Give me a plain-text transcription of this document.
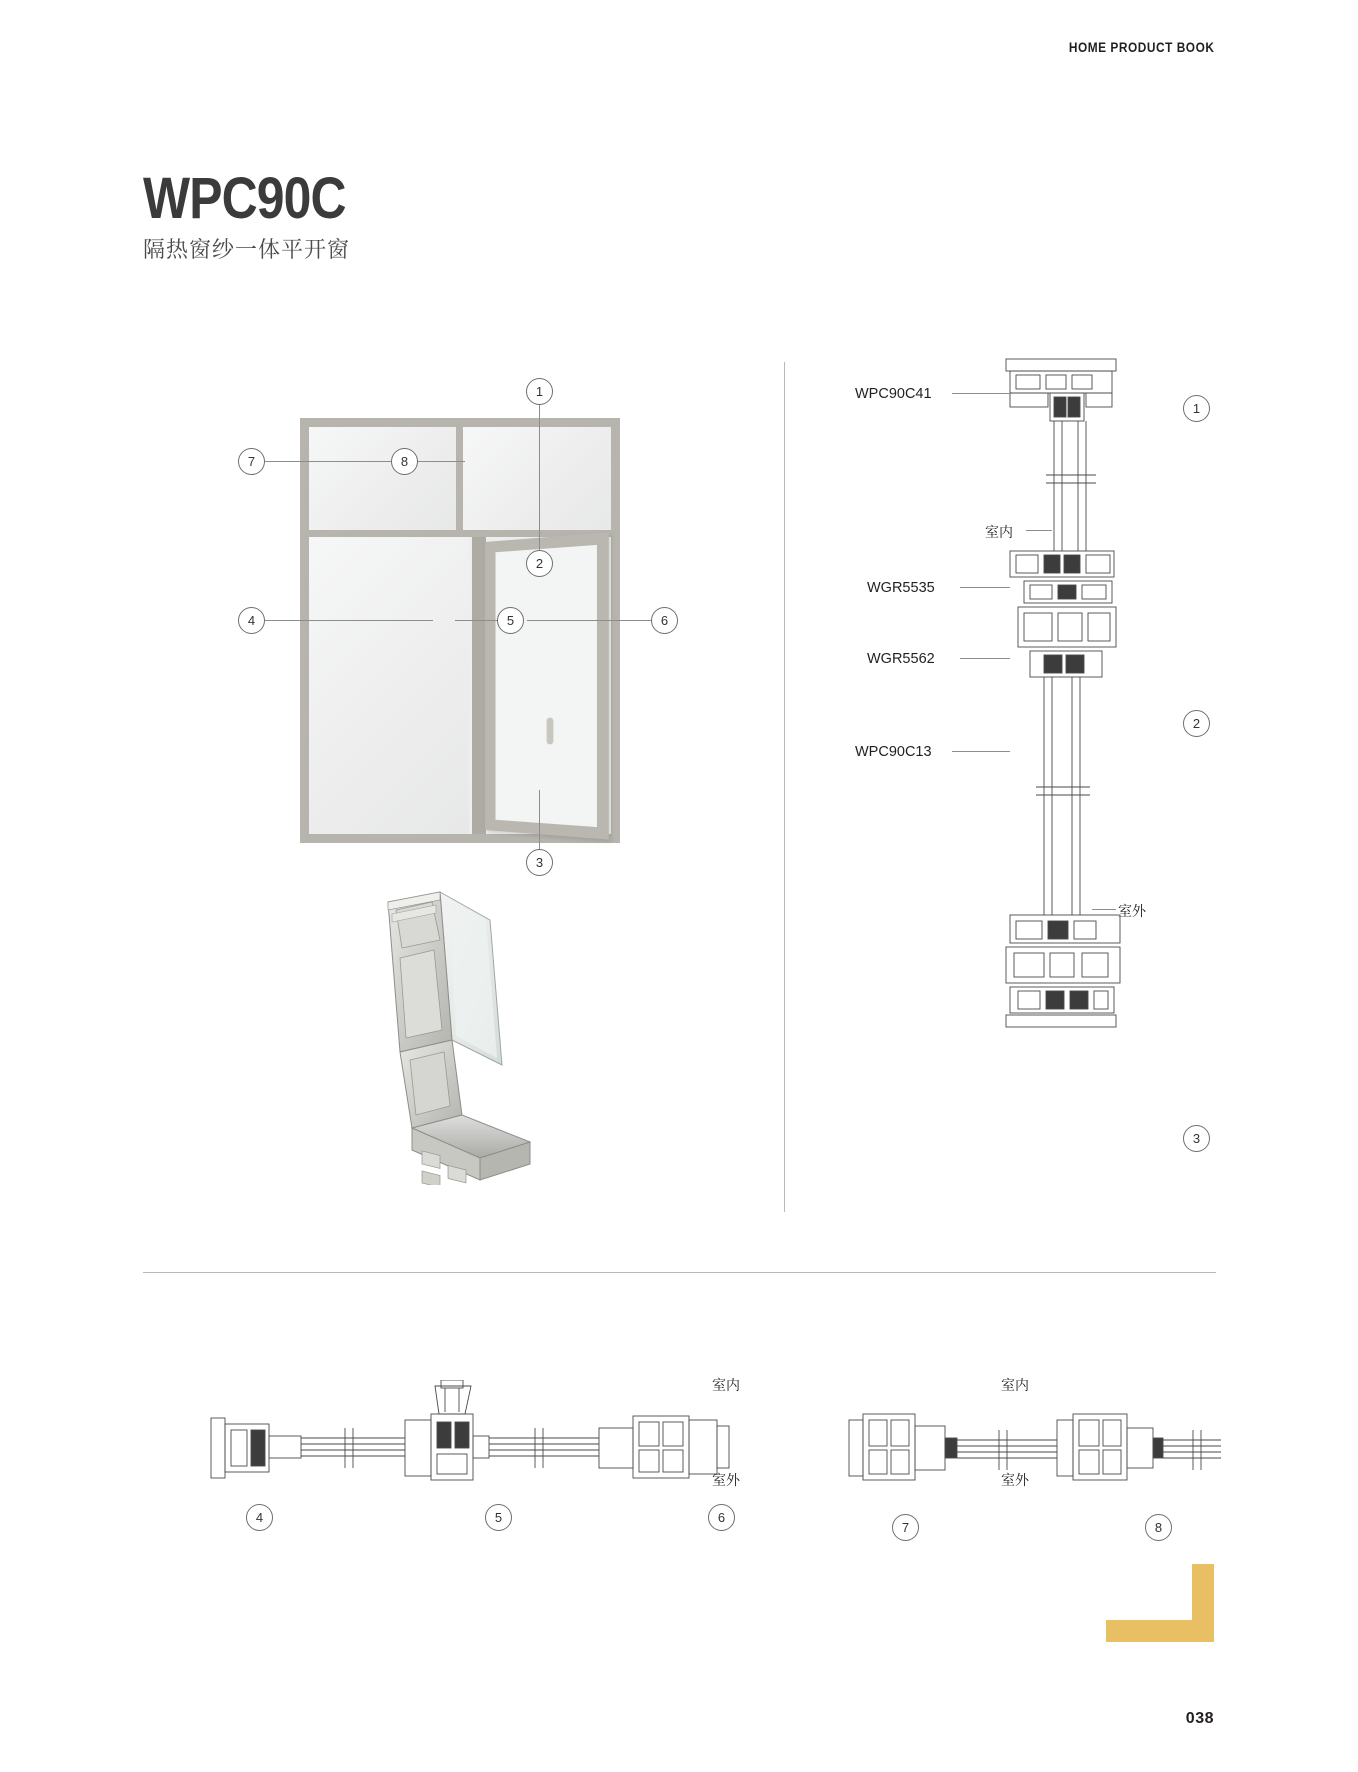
HOME PRODUCT BOOK
WPC90C
隔热窗纱一体平开窗
1
2
3
4	5	6
7	8
WPC90C41
WGR5535
WGR5562
WPC90C13
室内
室外
1
2
3
室内
室外
4	5	6
室内
室外
7	8
038
